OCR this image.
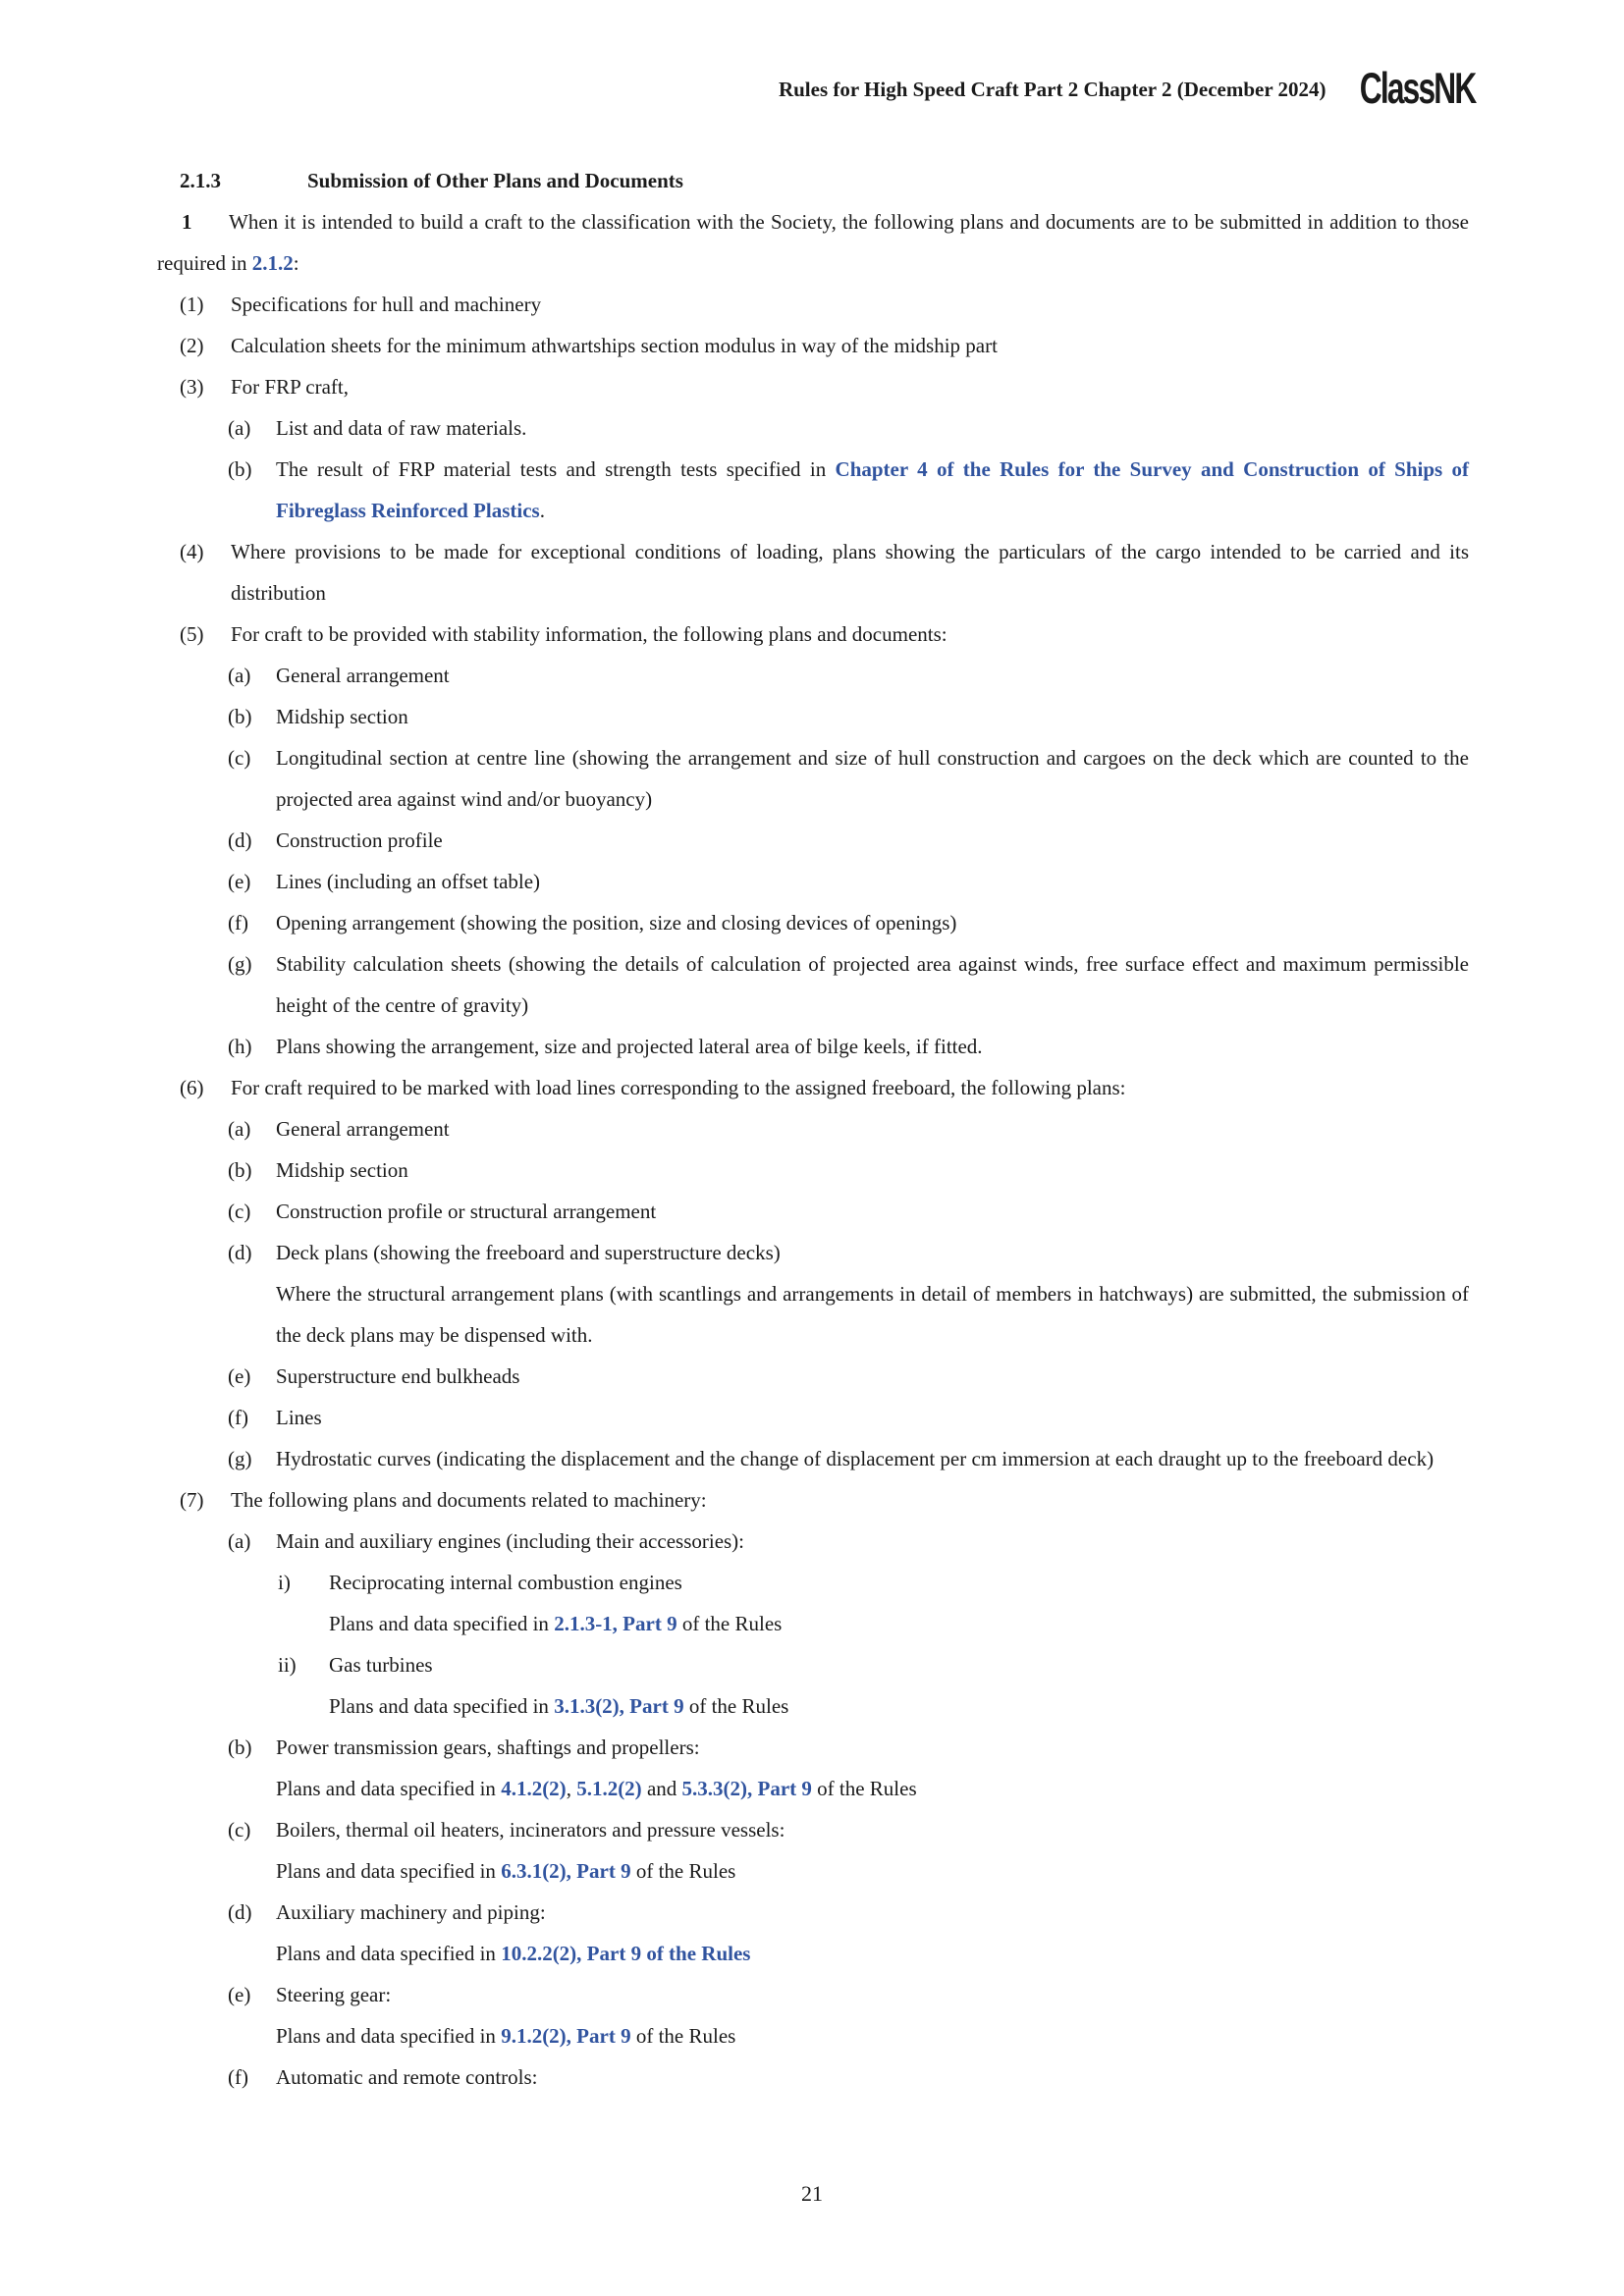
Rules for High Speed Craft Part 2 Chapter 2 (December 2024) ClassNK
2.1.3	Submission of Other Plans and Documents
1 When it is intended to build a craft to the classification with the Society, the following plans and documents are to be submitted in addition to those required in 2.1.2:
(1) Specifications for hull and machinery
(2) Calculation sheets for the minimum athwartships section modulus in way of the midship part
(3) For FRP craft,
(a) List and data of raw materials.
(b) The result of FRP material tests and strength tests specified in Chapter 4 of the Rules for the Survey and Construction of Ships of Fibreglass Reinforced Plastics.
(4) Where provisions to be made for exceptional conditions of loading, plans showing the particulars of the cargo intended to be carried and its distribution
(5) For craft to be provided with stability information, the following plans and documents:
(a) General arrangement
(b) Midship section
(c) Longitudinal section at centre line (showing the arrangement and size of hull construction and cargoes on the deck which are counted to the projected area against wind and/or buoyancy)
(d) Construction profile
(e) Lines (including an offset table)
(f) Opening arrangement (showing the position, size and closing devices of openings)
(g) Stability calculation sheets (showing the details of calculation of projected area against winds, free surface effect and maximum permissible height of the centre of gravity)
(h) Plans showing the arrangement, size and projected lateral area of bilge keels, if fitted.
(6) For craft required to be marked with load lines corresponding to the assigned freeboard, the following plans:
(a) General arrangement
(b) Midship section
(c) Construction profile or structural arrangement
(d) Deck plans (showing the freeboard and superstructure decks)
Where the structural arrangement plans (with scantlings and arrangements in detail of members in hatchways) are submitted, the submission of the deck plans may be dispensed with.
(e) Superstructure end bulkheads
(f) Lines
(g) Hydrostatic curves (indicating the displacement and the change of displacement per cm immersion at each draught up to the freeboard deck)
(7) The following plans and documents related to machinery:
(a) Main and auxiliary engines (including their accessories):
i) Reciprocating internal combustion engines
Plans and data specified in 2.1.3-1, Part 9 of the Rules
ii) Gas turbines
Plans and data specified in 3.1.3(2), Part 9 of the Rules
(b) Power transmission gears, shaftings and propellers:
Plans and data specified in 4.1.2(2), 5.1.2(2) and 5.3.3(2), Part 9 of the Rules
(c) Boilers, thermal oil heaters, incinerators and pressure vessels:
Plans and data specified in 6.3.1(2), Part 9 of the Rules
(d) Auxiliary machinery and piping:
Plans and data specified in 10.2.2(2), Part 9 of the Rules
(e) Steering gear:
Plans and data specified in 9.1.2(2), Part 9 of the Rules
(f) Automatic and remote controls:
21
